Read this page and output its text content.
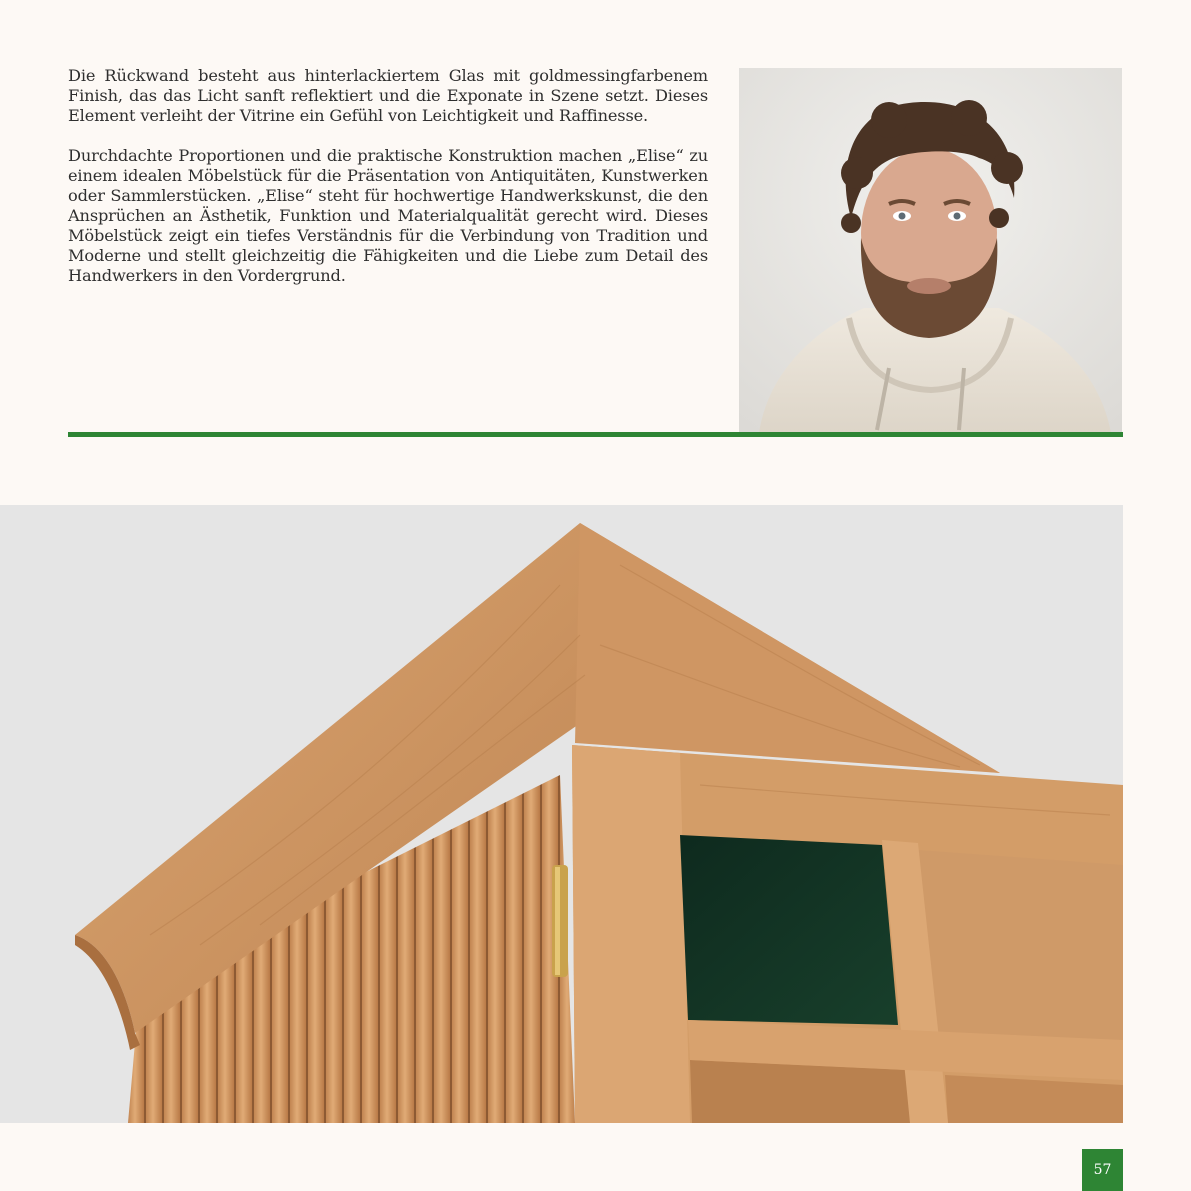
Die Rückwand besteht aus hinterlackiertem Glas mit goldmessingfarbenem Finish, das das Licht sanft reflektiert und die Exponate in Szene setzt. Dieses Element verleiht der Vitrine ein Gefühl von Leichtigkeit und Raffinesse.

Durchdachte Proportionen und die praktische Konstruktion machen „Elise“ zu einem idealen Möbelstück für die Präsentation von Antiquitäten, Kunstwerken oder Sammlerstücken. „Elise“ steht für hochwertige Handwerkskunst, die den Ansprüchen an Ästhetik, Funktion und Materialqualität gerecht wird. Dieses Möbelstück zeigt ein tiefes Verständnis für die Verbindung von Tradition und Moderne und stellt gleichzeitig die Fähigkeiten und die Liebe zum Detail des Handwerkers in den Vordergrund.

57
